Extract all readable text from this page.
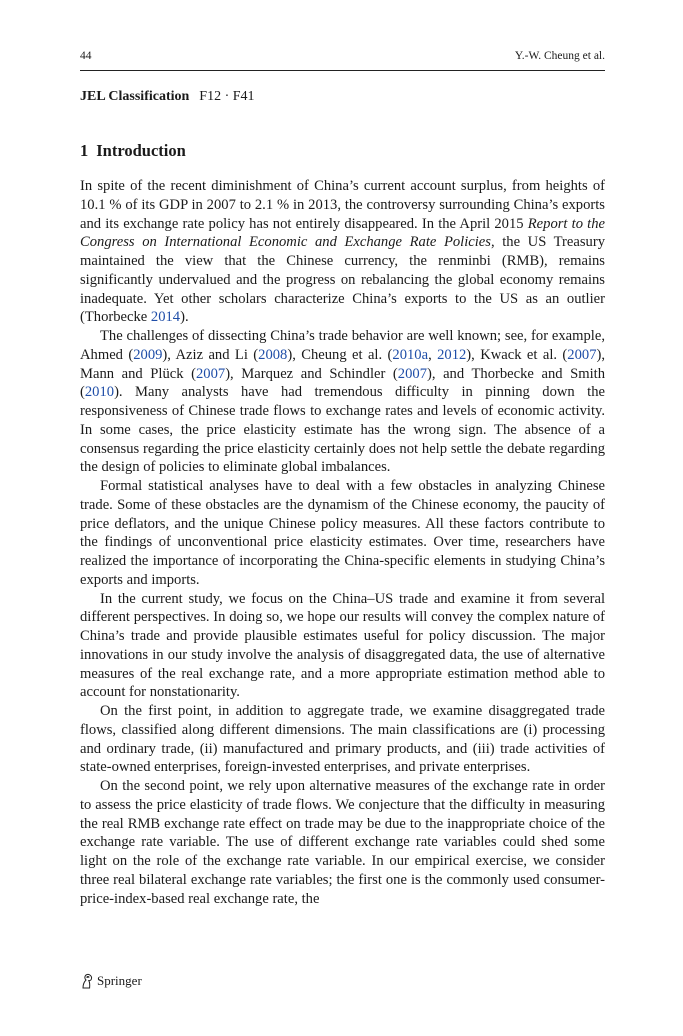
44	Y.-W. Cheung et al.
JEL Classification F12 · F41
1 Introduction

In spite of the recent diminishment of China’s current account surplus, from heights of 10.1 % of its GDP in 2007 to 2.1 % in 2013, the controversy surrounding China’s exports and its exchange rate policy has not entirely disappeared. In the April 2015 Report to the Congress on International Economic and Exchange Rate Policies, the US Treasury maintained the view that the Chinese currency, the renminbi (RMB), remains significantly undervalued and the progress on rebalancing the global economy remains inadequate. Yet other scholars characterize China’s exports to the US as an outlier (Thorbecke 2014).

The challenges of dissecting China’s trade behavior are well known; see, for example, Ahmed (2009), Aziz and Li (2008), Cheung et al. (2010a, 2012), Kwack et al. (2007), Mann and Plück (2007), Marquez and Schindler (2007), and Thorbecke and Smith (2010). Many analysts have had tremendous difficulty in pinning down the responsiveness of Chinese trade flows to exchange rates and levels of economic activity. In some cases, the price elasticity estimate has the wrong sign. The absence of a consensus regarding the price elasticity certainly does not help settle the debate regarding the design of policies to eliminate global imbalances.

Formal statistical analyses have to deal with a few obstacles in analyzing Chinese trade. Some of these obstacles are the dynamism of the Chinese economy, the paucity of price deflators, and the unique Chinese policy measures. All these factors contribute to the findings of unconventional price elasticity estimates. Over time, researchers have realized the importance of incorporating the China-specific elements in studying China’s exports and imports.

In the current study, we focus on the China–US trade and examine it from several different perspectives. In doing so, we hope our results will convey the complex nature of China’s trade and provide plausible estimates useful for policy discussion. The major innovations in our study involve the analysis of disaggregated data, the use of alternative measures of the real exchange rate, and a more appropriate estimation method able to account for nonstationarity.

On the first point, in addition to aggregate trade, we examine disaggregated trade flows, classified along different dimensions. The main classifications are (i) processing and ordinary trade, (ii) manufactured and primary products, and (iii) trade activities of state-owned enterprises, foreign-invested enterprises, and private enterprises.

On the second point, we rely upon alternative measures of the exchange rate in order to assess the price elasticity of trade flows. We conjecture that the difficulty in measuring the real RMB exchange rate effect on trade may be due to the inappropriate choice of the exchange rate variable. The use of different exchange rate variables could shed some light on the role of the exchange rate variable. In our empirical exercise, we consider three real bilateral exchange rate variables; the first one is the commonly used consumer-price-index-based real exchange rate, the

Springer
